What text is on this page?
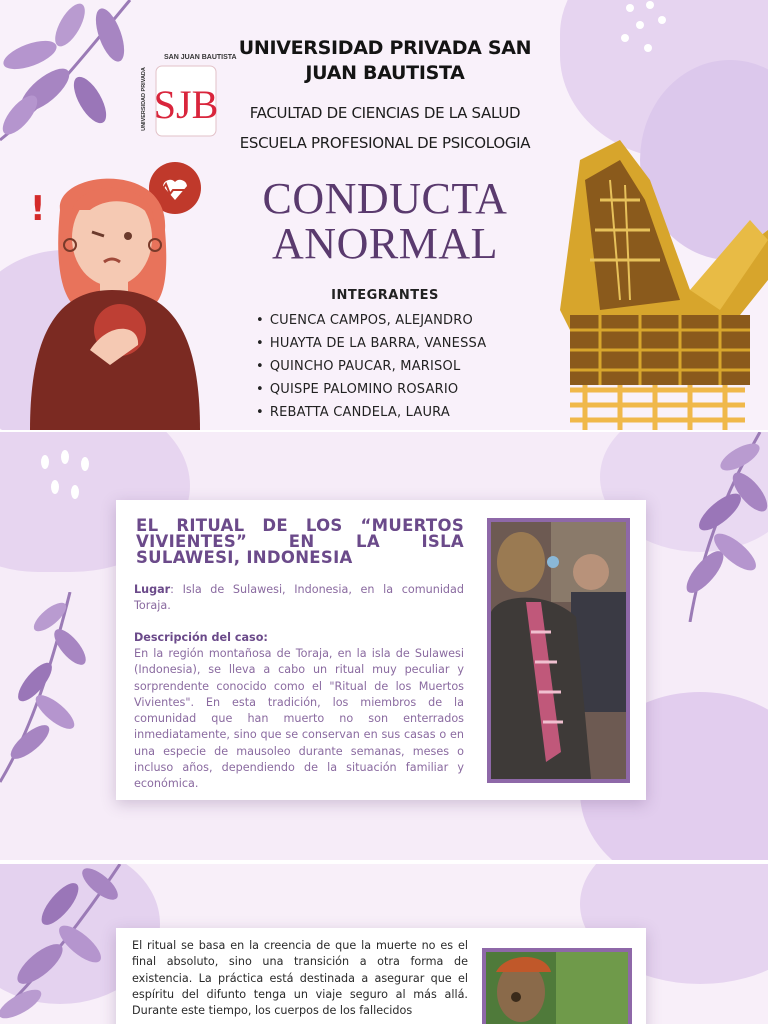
SJB
SAN JUAN BAUTISTA
UNIVERSIDAD PRIVADA
UNIVERSIDAD PRIVADA SAN JUAN BAUTISTA
FACULTAD DE CIENCIAS DE LA SALUD
ESCUELA PROFESIONAL DE PSICOLOGIA
CONDUCTA
ANORMAL
INTEGRANTES
• CUENCA CAMPOS, ALEJANDRO
• HUAYTA DE LA BARRA, VANESSA
• QUINCHO PAUCAR, MARISOL
• QUISPE PALOMINO ROSARIO
• REBATTA CANDELA, LAURA
!
EL RITUAL DE LOS “MUERTOS VIVIENTES” EN LA ISLA SULAWESI, INDONESIA
Lugar: Isla de Sulawesi, Indonesia, en la comunidad Toraja.
Descripción del caso:
En la región montañosa de Toraja, en la isla de Sulawesi (Indonesia), se lleva a cabo un ritual muy peculiar y sorprendente conocido como el "Ritual de los Muertos Vivientes". En esta tradición, los miembros de la comunidad que han muerto no son enterrados inmediatamente, sino que se conservan en sus casas o en una especie de mausoleo durante semanas, meses o incluso años, dependiendo de la situación familiar y económica.
El ritual se basa en la creencia de que la muerte no es el final absoluto, sino una transición a otra forma de existencia. La práctica está destinada a asegurar que el espíritu del difunto tenga un viaje seguro al más allá. Durante este tiempo, los cuerpos de los fallecidos
